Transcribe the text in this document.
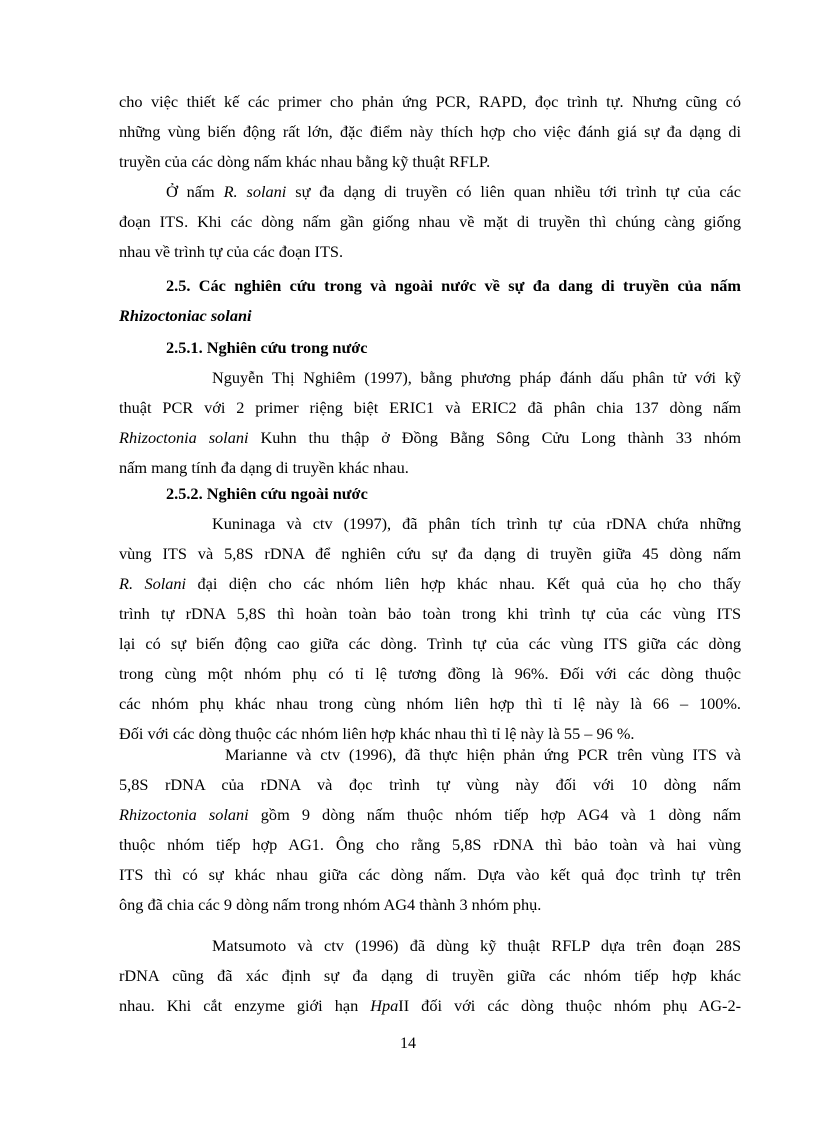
cho việc thiết kế các primer cho phản ứng PCR, RAPD, đọc trình tự. Nhưng cũng có
những vùng biến động rất lớn, đặc điểm này thích hợp cho việc đánh giá sự đa dạng di
truyền của các dòng nấm khác nhau bằng kỹ thuật RFLP.
Ở nấm R. solani sự đa dạng di truyền có liên quan nhiều tới trình tự của các
đoạn ITS. Khi các dòng nấm gần giống nhau về mặt di truyền thì chúng càng giống
nhau về trình tự của các đoạn ITS.
2.5. Các nghiên cứu trong và ngoài nước về sự đa dang di truyền của nấm
Rhizoctoniac solani
2.5.1. Nghiên cứu trong nước
Nguyễn Thị Nghiêm (1997), bằng phương pháp đánh dấu phân tử với kỹ
thuật PCR với 2 primer riệng biệt ERIC1 và ERIC2 đã phân chia 137 dòng nấm
Rhizoctonia solani Kuhn thu thập ở Đồng Bằng Sông Cửu Long thành 33 nhóm
nấm mang tính đa dạng di truyền khác nhau.
2.5.2. Nghiên cứu ngoài nước
Kuninaga và ctv (1997), đã phân tích trình tự của rDNA chứa những
vùng ITS và 5,8S rDNA để nghiên cứu sự đa dạng di truyền giữa 45 dòng nấm
R. Solani đại diện cho các nhóm liên hợp khác nhau. Kết quả của họ cho thấy
trình tự rDNA 5,8S thì hoàn toàn bảo toàn trong khi trình tự của các vùng ITS
lại có sự biến động cao giữa các dòng. Trình tự của các vùng ITS giữa các dòng
trong cùng một nhóm phụ có tỉ lệ tương đồng là 96%. Đối với các dòng thuộc
các nhóm phụ khác nhau trong cùng nhóm liên hợp thì tỉ lệ này là 66 – 100%.
Đối với các dòng thuộc các nhóm liên hợp khác nhau thì tỉ lệ này là 55 – 96 %.
Marianne và ctv (1996), đã thực hiện phản ứng PCR trên vùng ITS và
5,8S rDNA của rDNA và đọc trình tự vùng này đối với 10 dòng nấm
Rhizoctonia solani gồm 9 dòng nấm thuộc nhóm tiếp hợp AG4 và 1 dòng nấm
thuộc nhóm tiếp hợp AG1. Ông cho rằng 5,8S rDNA thì bảo toàn và hai vùng
ITS thì có sự khác nhau giữa các dòng nấm. Dựa vào kết quả đọc trình tự trên
ông đã chia các 9 dòng nấm trong nhóm AG4 thành 3 nhóm phụ.
Matsumoto và ctv (1996) đã dùng kỹ thuật RFLP dựa trên đoạn 28S
rDNA cũng đã xác định sự đa dạng di truyền giữa các nhóm tiếp hợp khác
nhau. Khi cắt enzyme giới hạn HpaII đối với các dòng thuộc nhóm phụ AG-2-
14
